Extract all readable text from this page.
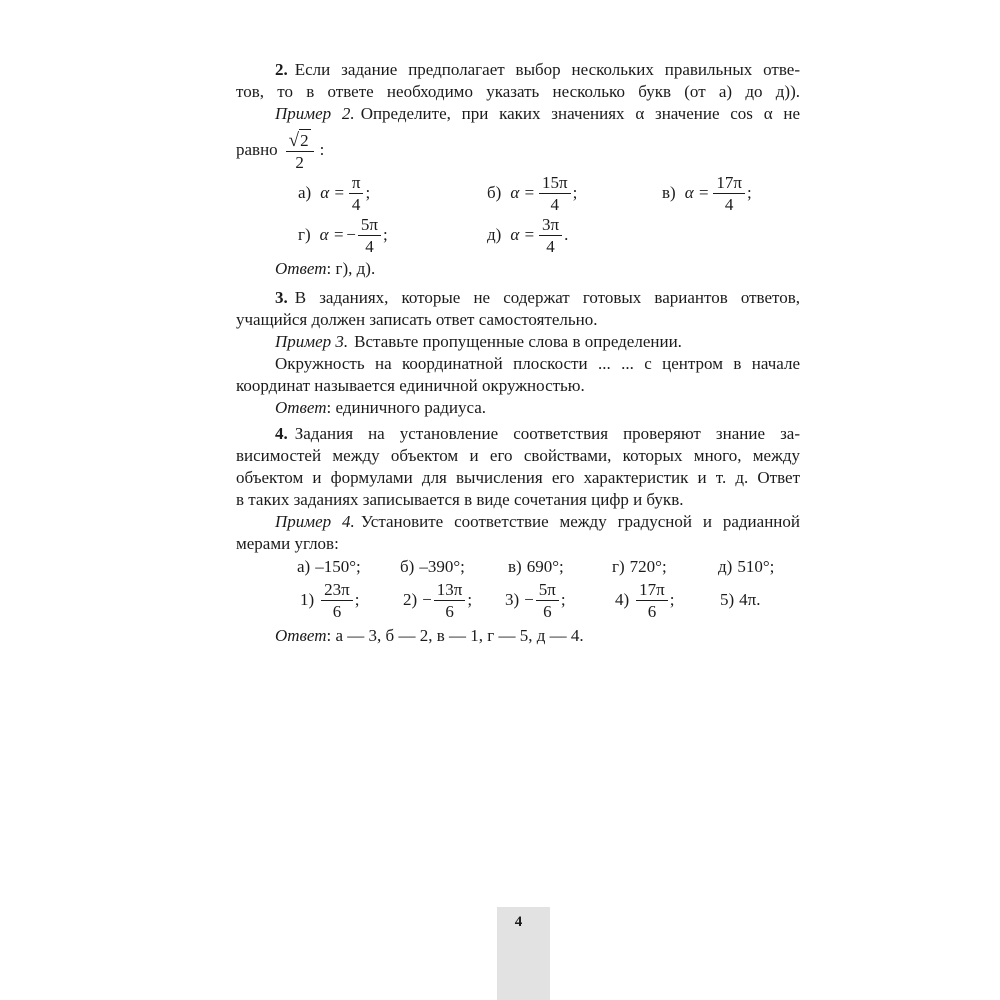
2. Если задание предполагает выбор нескольких правильных отве-
тов, то в ответе необходимо указать несколько букв (от а) до д)).
Пример 2. Определите, при каких значениях α значение cos α не
равно $\frac{√2}{2}$ :
а) $\alpha = \frac{\pi}{4}$ ;	б) $\alpha = \frac{15\pi}{4}$ ;	в) $\alpha = \frac{17\pi}{4}$ ;
г) α = − $\frac{5\pi}{4}$ ;	д) $\alpha = \frac{3\pi}{4}$ .
Ответ: г), д).
3. В заданиях, которые не содержат готовых вариантов ответов,
учащийся должен записать ответ самостоятельно.
Пример 3. Вставьте пропущенные слова в определении.
Окружность на координатной плоскости ... ... с центром в начале
координат называется единичной окружностью.
Ответ: единичного радиуса.
4. Задания на установление соответствия проверяют знание за-
висимостей между объектом и его свойствами, которых много, между
объектом и формулами для вычисления его характеристик и т. д. Ответ
в таких заданиях записывается в виде сочетания цифр и букв.
Пример 4. Установите соответствие между градусной и радианной
мерами углов:
а) –150°; б) –390°;	в) 690°;	г) 720°;	д) 510°;
$1) \frac{23\pi}{6}$ ;	$2) - \frac{13\pi}{6}$ ; $3) - \frac{5\pi}{6}$ ;	$4) \frac{17\pi}{6}$ ;	5) 4π.
Ответ: а — 3, б — 2, в — 1, г — 5, д — 4.
4
